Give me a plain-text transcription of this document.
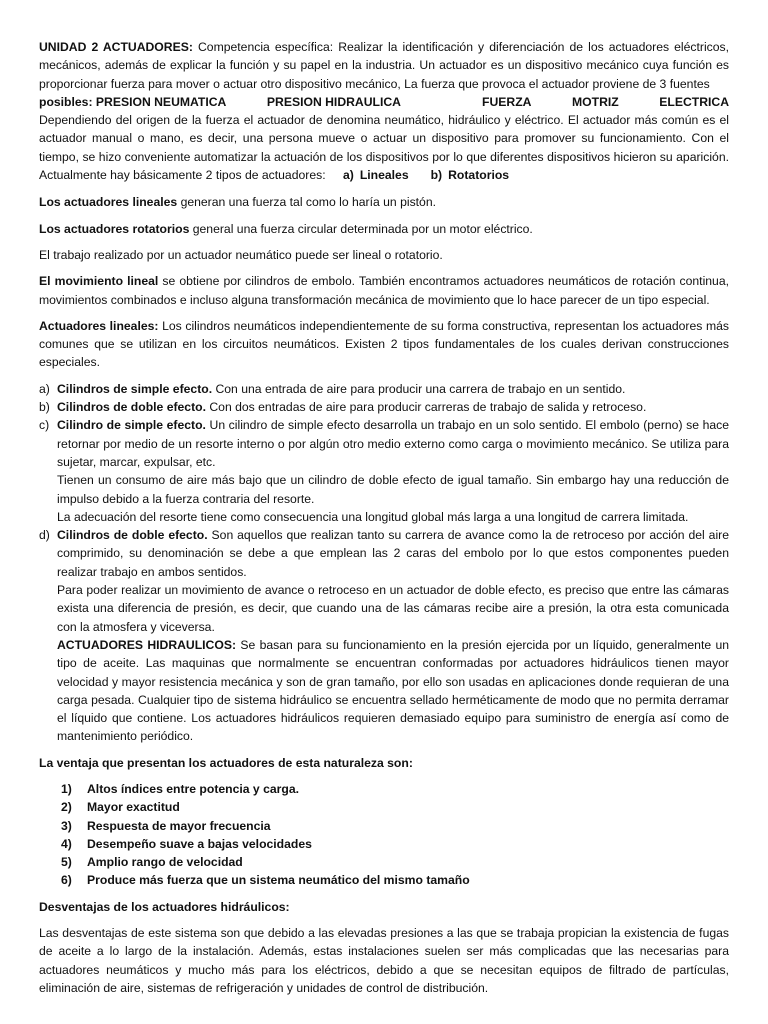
UNIDAD 2 ACTUADORES: Competencia específica: Realizar la identificación y diferenciación de los actuadores eléctricos, mecánicos, además de explicar la función y su papel en la industria. Un actuador es un dispositivo mecánico cuya función es proporcionar fuerza para mover o actuar otro dispositivo mecánico, La fuerza que provoca el actuador proviene de 3 fuentes

posibles: PRESION NEUMATICA	PRESION HIDRAULICA	FUERZA	MOTRIZ	ELECTRICA

Dependiendo del origen de la fuerza el actuador de denomina neumático, hidráulico y eléctrico. El actuador más común es el actuador manual o mano, es decir, una persona mueve o actuar un dispositivo para promover su funcionamiento. Con el tiempo, se hizo conveniente automatizar la actuación de los dispositivos por lo que diferentes dispositivos hicieron su aparición. Actualmente hay básicamente 2 tipos de actuadores: a) Lineales b) Rotatorios

Los actuadores lineales generan una fuerza tal como lo haría un pistón.

Los actuadores rotatorios general una fuerza circular determinada por un motor eléctrico.

El trabajo realizado por un actuador neumático puede ser lineal o rotatorio.

El movimiento lineal se obtiene por cilindros de embolo. También encontramos actuadores neumáticos de rotación continua, movimientos combinados e incluso alguna transformación mecánica de movimiento que lo hace parecer de un tipo especial.

Actuadores lineales: Los cilindros neumáticos independientemente de su forma constructiva, representan los actuadores más comunes que se utilizan en los circuitos neumáticos. Existen 2 tipos fundamentales de los cuales derivan construcciones especiales.

a) Cilindros de simple efecto. Con una entrada de aire para producir una carrera de trabajo en un sentido.
b) Cilindros de doble efecto. Con dos entradas de aire para producir carreras de trabajo de salida y retroceso.
c) Cilindro de simple efecto. Un cilindro de simple efecto desarrolla un trabajo en un solo sentido. El embolo (perno) se hace retornar por medio de un resorte interno o por algún otro medio externo como carga o movimiento mecánico. Se utiliza para sujetar, marcar, expulsar, etc.
Tienen un consumo de aire más bajo que un cilindro de doble efecto de igual tamaño. Sin embargo hay una reducción de impulso debido a la fuerza contraria del resorte.
La adecuación del resorte tiene como consecuencia una longitud global más larga a una longitud de carrera limitada.
d) Cilindros de doble efecto. Son aquellos que realizan tanto su carrera de avance como la de retroceso por acción del aire comprimido, su denominación se debe a que emplean las 2 caras del embolo por lo que estos componentes pueden realizar trabajo en ambos sentidos.
Para poder realizar un movimiento de avance o retroceso en un actuador de doble efecto, es preciso que entre las cámaras exista una diferencia de presión, es decir, que cuando una de las cámaras recibe aire a presión, la otra esta comunicada con la atmosfera y viceversa.
ACTUADORES HIDRAULICOS: Se basan para su funcionamiento en la presión ejercida por un líquido, generalmente un tipo de aceite. Las maquinas que normalmente se encuentran conformadas por actuadores hidráulicos tienen mayor velocidad y mayor resistencia mecánica y son de gran tamaño, por ello son usadas en aplicaciones donde requieran de una carga pesada. Cualquier tipo de sistema hidráulico se encuentra sellado herméticamente de modo que no permita derramar el líquido que contiene. Los actuadores hidráulicos requieren demasiado equipo para suministro de energía así como de mantenimiento periódico.

La ventaja que presentan los actuadores de esta naturaleza son:

1)	Altos índices entre potencia y carga.
2)	Mayor exactitud
3)	Respuesta de mayor frecuencia
4)	Desempeño suave a bajas velocidades
5)	Amplio rango de velocidad
6)	Produce más fuerza que un sistema neumático del mismo tamaño

Desventajas de los actuadores hidráulicos:

Las desventajas de este sistema son que debido a las elevadas presiones a las que se trabaja propician la existencia de fugas de aceite a lo largo de la instalación. Además, estas instalaciones suelen ser más complicadas que las necesarias para actuadores neumáticos y mucho más para los eléctricos, debido a que se necesitan equipos de filtrado de partículas, eliminación de aire, sistemas de refrigeración y unidades de control de distribución.
